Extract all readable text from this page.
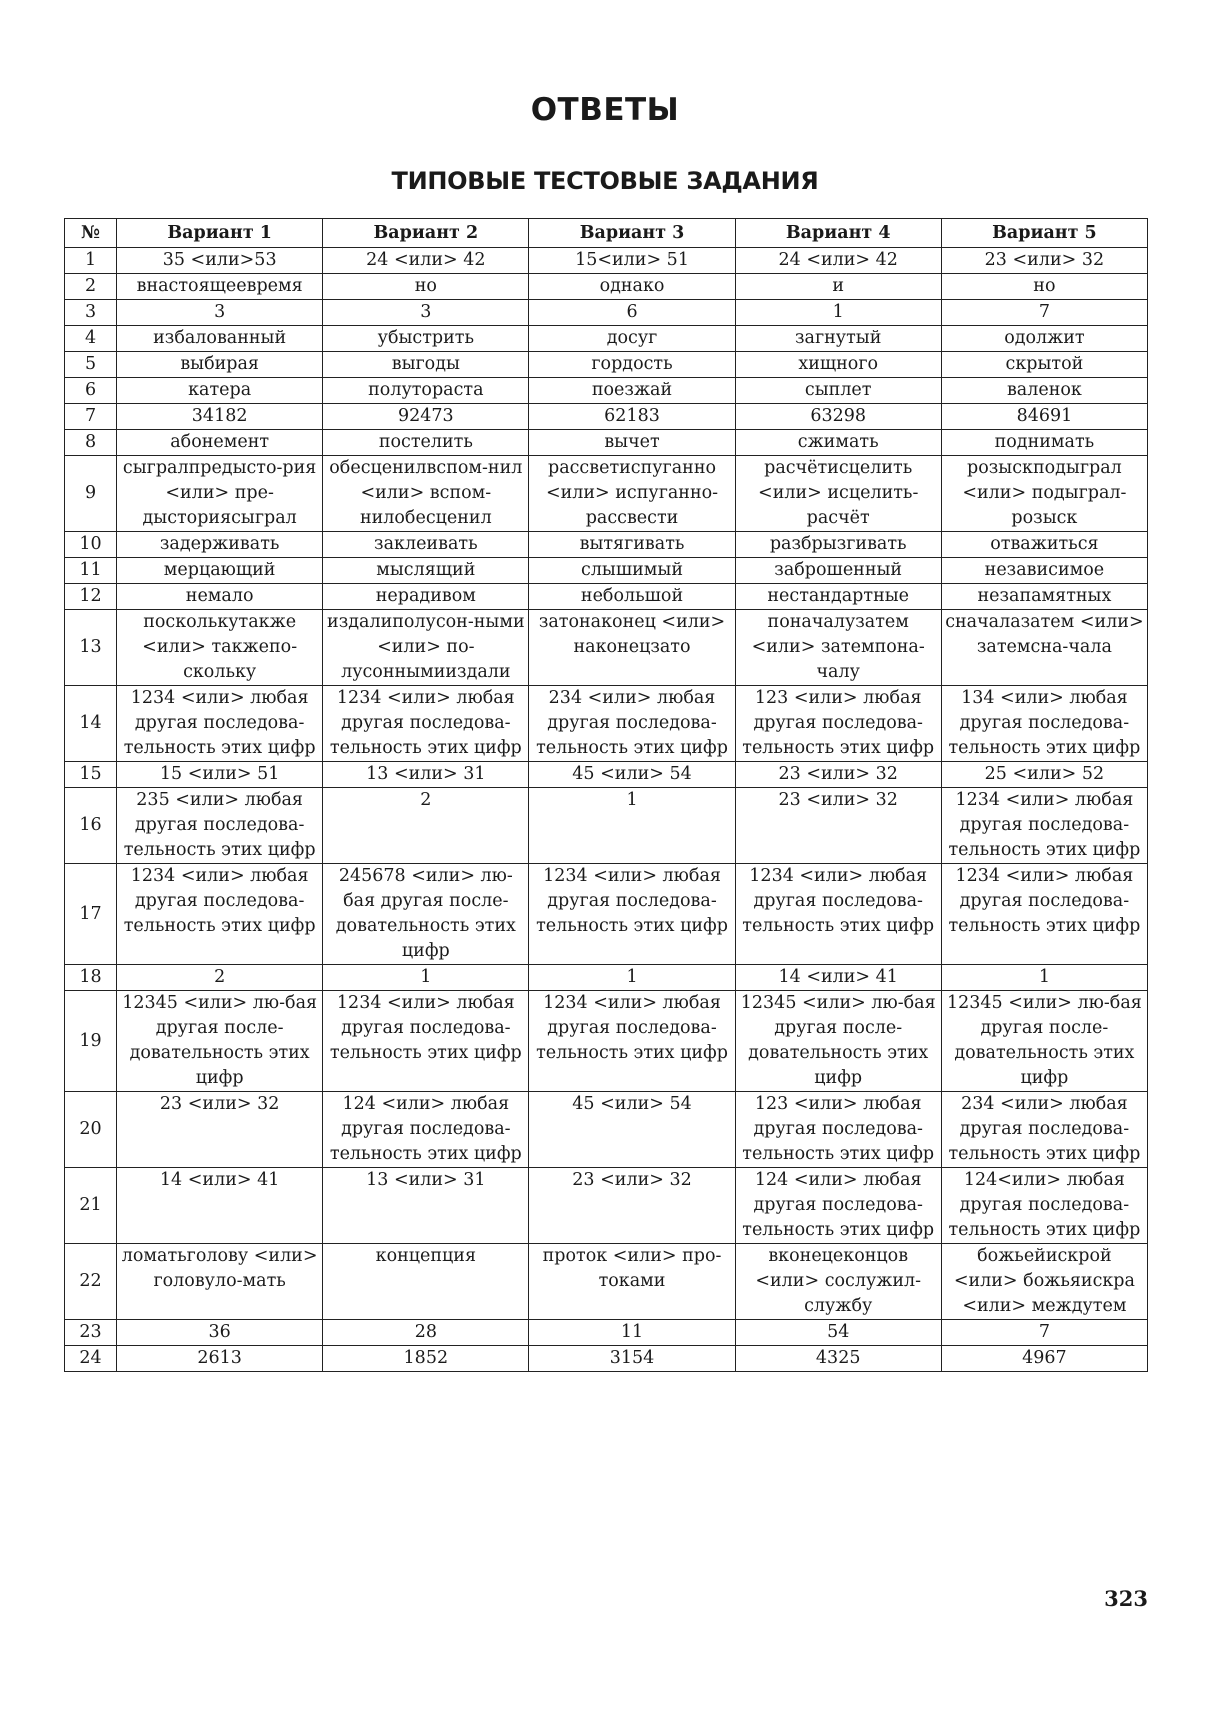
ОТВЕТЫ
ТИПОВЫЕ ТЕСТОВЫЕ ЗАДАНИЯ
№	Вариант 1	Вариант 2	Вариант 3	Вариант 4	Вариант 5
1	35 <или>53	24 <или> 42	15<или> 51	24 <или> 42	23 <или> 32
2	внастоящеевремя	но	однако	и	но
3	3	3	6	1	7
4	избалованный	убыстрить	досуг	загнутый	одолжит
5	выбирая	выгоды	гордость	хищного	скрытой
6	катера	полутораста	поезжай	сыплет	валенок
7	34182	92473	62183	63298	84691
8	абонемент	постелить	вычет	сжимать	поднимать
9	сыгралпредысто-рия <или> пре-дысториясыграл	обесценилвспом-нил <или> вспом-нилобесценил	рассветиспуганно <или> испуганно-рассвести	расчётисцелить <или> исцелить-расчёт	розыскподыграл <или> подыграл-розыск
10	задерживать	заклеивать	вытягивать	разбрызгивать	отважиться
11	мерцающий	мыслящий	слышимый	заброшенный	независимое
12	немало	нерадивом	небольшой	нестандартные	незапамятных
13	посколькутакже <или> такжепо-скольку	издалиполусон-ными <или> по-лусоннымииздали	затонаконец <или> наконецзато	поначалузатем <или> затемпона-чалу	сначалазатем <или> затемсна-чала
14	1234 <или> любая другая последова-тельность этих цифр	1234 <или> любая другая последова-тельность этих цифр	234 <или> любая другая последова-тельность этих цифр	123 <или> любая другая последова-тельность этих цифр	134 <или> любая другая последова-тельность этих цифр
15	15 <или> 51	13 <или> 31	45 <или> 54	23 <или> 32	25 <или> 52
16	235 <или> любая другая последова-тельность этих цифр	2	1	23 <или> 32	1234 <или> любая другая последова-тельность этих цифр
17	1234 <или> любая другая последова-тельность этих цифр	245678 <или> лю-бая другая после-довательность этих цифр	1234 <или> любая другая последова-тельность этих цифр	1234 <или> любая другая последова-тельность этих цифр	1234 <или> любая другая последова-тельность этих цифр
18	2	1	1	14 <или> 41	1
19	12345 <или> лю-бая другая после-довательность этих цифр	1234 <или> любая другая последова-тельность этих цифр	1234 <или> любая другая последова-тельность этих цифр	12345 <или> лю-бая другая после-довательность этих цифр	12345 <или> лю-бая другая после-довательность этих цифр
20	23 <или> 32	124 <или> любая другая последова-тельность этих цифр	45 <или> 54	123 <или> любая другая последова-тельность этих цифр	234 <или> любая другая последова-тельность этих цифр
21	14 <или> 41	13 <или> 31	23 <или> 32	124 <или> любая другая последова-тельность этих цифр	124<или> любая другая последова-тельность этих цифр
22	ломатьголову <или> головуло-мать	концепция	проток <или> про-токами	вконецеконцов <или> сослужил-службу	божьейискрой <или> божьяискра <или> междутем
23	36	28	11	54	7
24	2613	1852	3154	4325	4967
323
